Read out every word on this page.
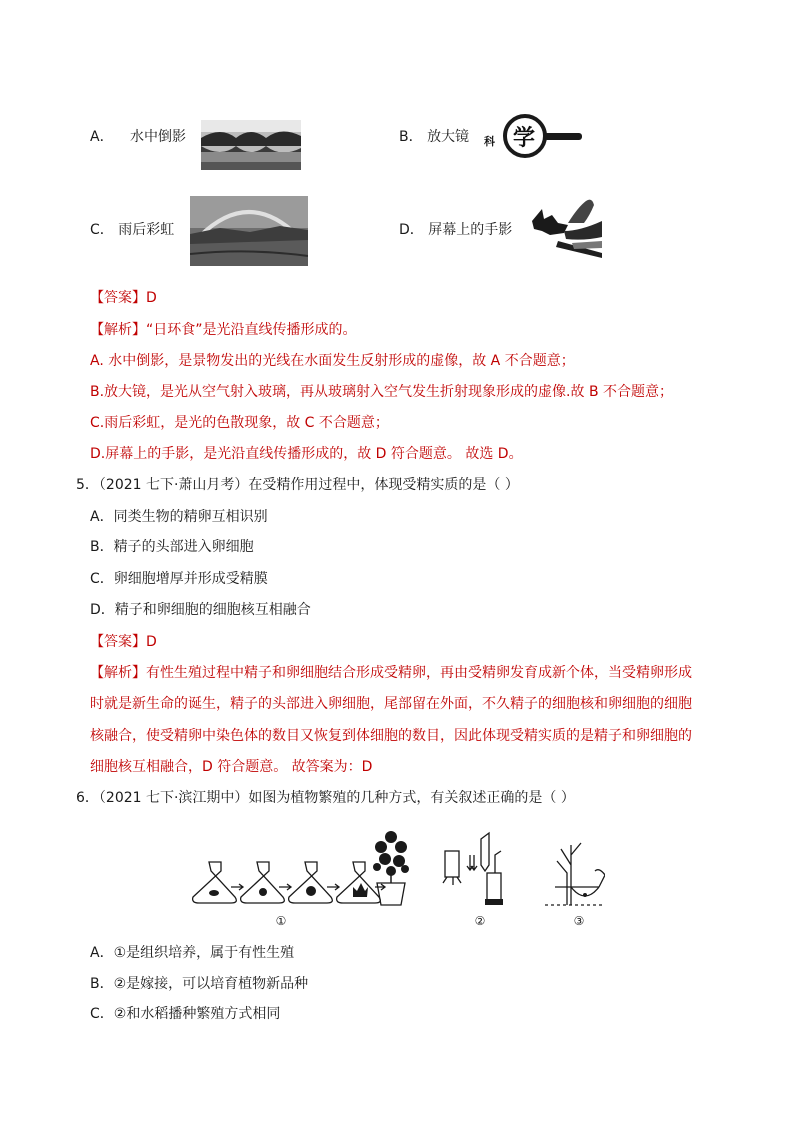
A． 水中倒影	B． 放大镜 科 学
C． 雨后彩虹	D． 屏幕上的手影
【答案】D
【解析】“日环食”是光沿直线传播形成的。
A. 水中倒影，是景物发出的光线在水面发生反射形成的虚像，故 A 不合题意；
B.放大镜，是光从空气射入玻璃，再从玻璃射入空气发生折射现象形成的虚像.故 B 不合题意；
C.雨后彩虹，是光的色散现象，故 C 不合题意；
D.屏幕上的手影，是光沿直线传播形成的，故 D 符合题意。 故选 D。
5．（2021 七下·萧山月考）在受精作用过程中，体现受精实质的是（ ）
A．同类生物的精卵互相识别
B．精子的头部进入卵细胞
C．卵细胞增厚并形成受精膜
D．精子和卵细胞的细胞核互相融合
【答案】D
【解析】有性生殖过程中精子和卵细胞结合形成受精卵，再由受精卵发育成新个体，当受精卵形成
时就是新生命的诞生，精子的头部进入卵细胞，尾部留在外面，不久精子的细胞核和卵细胞的细胞
核融合，使受精卵中染色体的数目又恢复到体细胞的数目，因此体现受精实质的是精子和卵细胞的
细胞核互相融合，D 符合题意。 故答案为：D
6．（2021 七下·滨江期中）如图为植物繁殖的几种方式，有关叙述正确的是（ ）
①	②	③
A．①是组织培养，属于有性生殖
B．②是嫁接，可以培育植物新品种
C．②和水稻播种繁殖方式相同
